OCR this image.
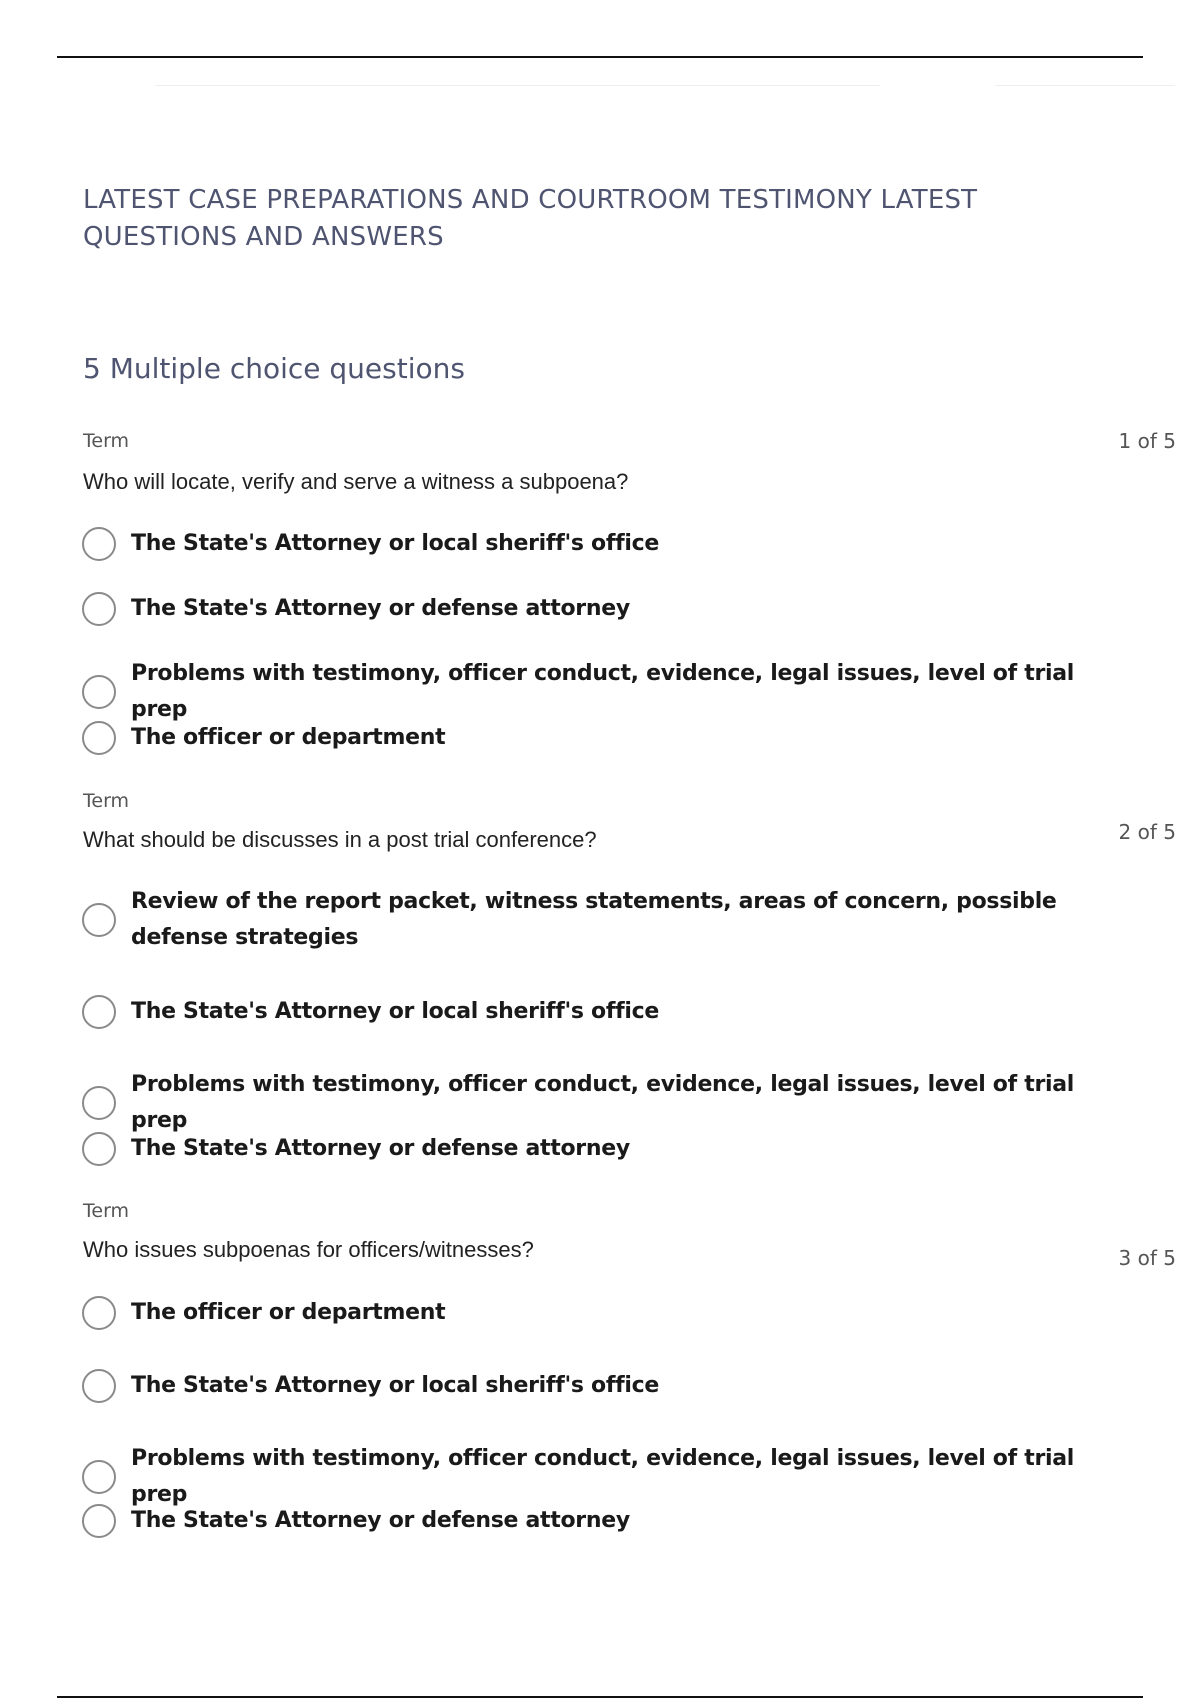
LATEST CASE PREPARATIONS AND COURTROOM TESTIMONY LATEST QUESTIONS AND ANSWERS
5 Multiple choice questions
Term	1 of 5
Who will locate, verify and serve a witness a subpoena?
The State's Attorney or local sheriff's office
The State's Attorney or defense attorney
Problems with testimony, officer conduct, evidence, legal issues, level of trial prep
The officer or department
Term
2 of 5
What should be discusses in a post trial conference?
Review of the report packet, witness statements, areas of concern, possible defense strategies
The State's Attorney or local sheriff's office
Problems with testimony, officer conduct, evidence, legal issues, level of trial prep
The State's Attorney or defense attorney
Term
3 of 5
Who issues subpoenas for officers/witnesses?
The officer or department
The State's Attorney or local sheriff's office
Problems with testimony, officer conduct, evidence, legal issues, level of trial prep
The State's Attorney or defense attorney
